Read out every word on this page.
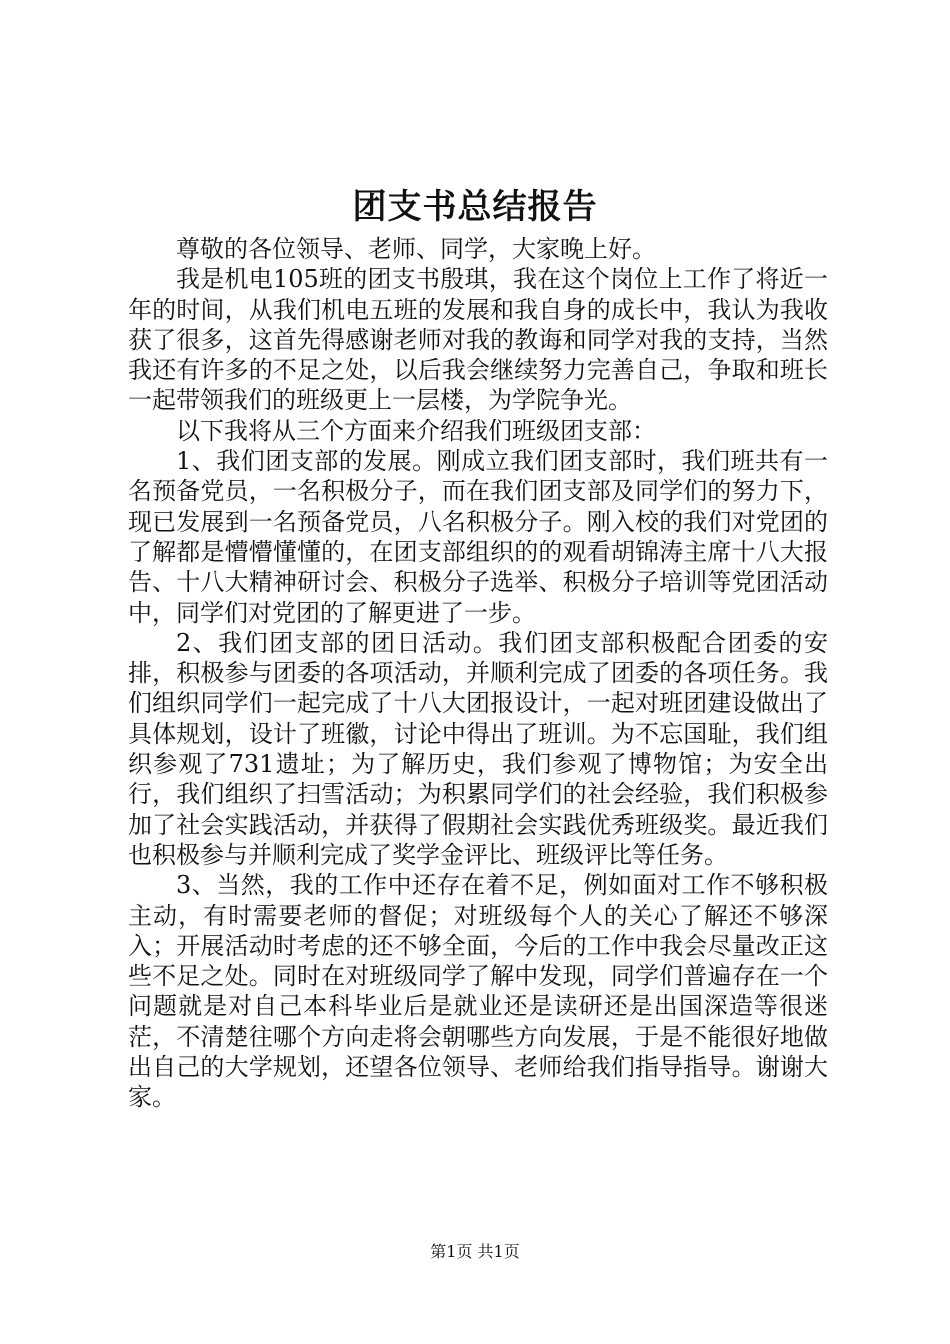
团支书总结报告

尊敬的各位领导、老师、同学，大家晚上好。

我是机电105班的团支书殷琪，我在这个岗位上工作了将近一年的时间，从我们机电五班的发展和我自身的成长中，我认为我收获了很多，这首先得感谢老师对我的教诲和同学对我的支持，当然我还有许多的不足之处，以后我会继续努力完善自己，争取和班长一起带领我们的班级更上一层楼，为学院争光。

以下我将从三个方面来介绍我们班级团支部：

1、我们团支部的发展。刚成立我们团支部时，我们班共有一名预备党员，一名积极分子，而在我们团支部及同学们的努力下，现已发展到一名预备党员，八名积极分子。刚入校的我们对党团的了解都是懵懵懂懂的，在团支部组织的的观看胡锦涛主席十八大报告、十八大精神研讨会、积极分子选举、积极分子培训等党团活动中，同学们对党团的了解更进了一步。

2、我们团支部的团日活动。我们团支部积极配合团委的安排，积极参与团委的各项活动，并顺利完成了团委的各项任务。我们组织同学们一起完成了十八大团报设计，一起对班团建设做出了具体规划，设计了班徽，讨论中得出了班训。为不忘国耻，我们组织参观了731遗址；为了解历史，我们参观了博物馆；为安全出行，我们组织了扫雪活动；为积累同学们的社会经验，我们积极参加了社会实践活动，并获得了假期社会实践优秀班级奖。最近我们也积极参与并顺利完成了奖学金评比、班级评比等任务。

3、当然，我的工作中还存在着不足，例如面对工作不够积极主动，有时需要老师的督促；对班级每个人的关心了解还不够深入；开展活动时考虑的还不够全面，今后的工作中我会尽量改正这些不足之处。同时在对班级同学了解中发现，同学们普遍存在一个问题就是对自己本科毕业后是就业还是读研还是出国深造等很迷茫，不清楚往哪个方向走将会朝哪些方向发展，于是不能很好地做出自己的大学规划，还望各位领导、老师给我们指导指导。谢谢大家。

第1页 共1页
